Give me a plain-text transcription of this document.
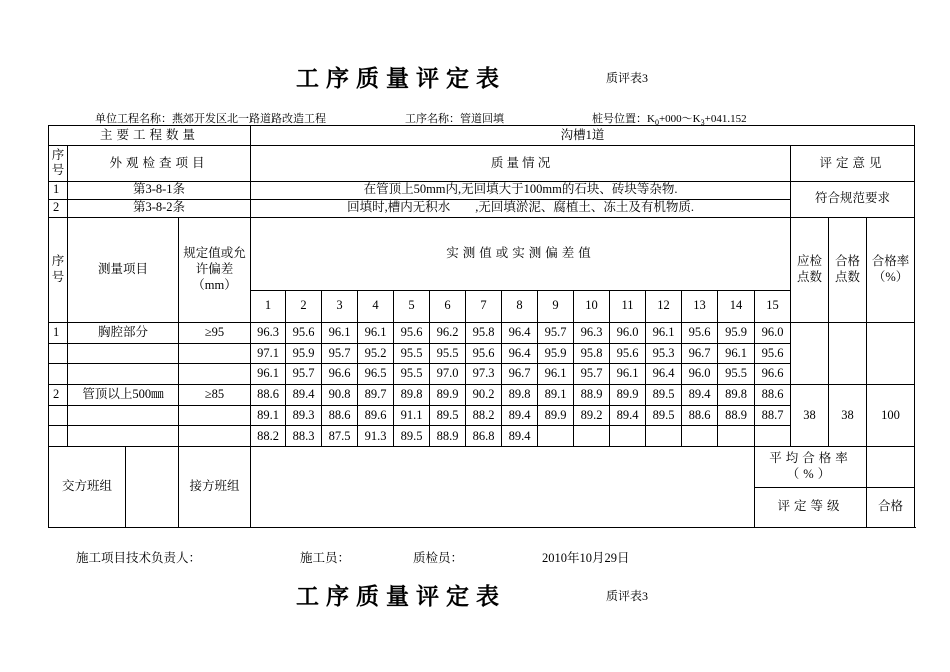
工序质量评定表	质评表3
单位工程名称：燕郊开发区北一路道路改造工程	工序名称：管道回填	桩号位置：$K_0+000\sim K_3+041.152$
主要工程数量				沟槽1道																	
序号	外观检查项目			质 量 情 况															评定意见		
1	第3-8-1条			在管顶上50mm内,无回填大于100mm的石块、砖块等杂物.															符合规范要求		
2	第3-8-2条			回填时,槽内无积水　　,无回填淤泥、腐植土、冻土及有机物质.																	
序号	测量项目		规定值或允许偏差（mm）	实测值或实测偏差值															应检点数	合格点数	合格率（%）
				1	2	3	4	5	6	7	8	9	10	11	12	13	14	15			
1	胸腔部分		≥95	96.3	95.6	96.1	96.1	95.6	96.2	95.8	96.4	95.7	96.3	96.0	96.1	95.6	95.9	96.0			
				97.1	95.9	95.7	95.2	95.5	95.5	95.6	96.4	95.9	95.8	95.6	95.3	96.7	96.1	95.6			
				96.1	95.7	96.6	96.5	95.5	97.0	97.3	96.7	96.1	95.7	96.1	96.4	96.0	95.5	96.6			
2	管顶以上500㎜		≥85	88.6	89.4	90.8	89.7	89.8	89.9	90.2	89.8	89.1	88.9	89.9	89.5	89.4	89.8	88.6	38	38	100
				89.1	89.3	88.6	89.6	91.1	89.5	88.2	89.4	89.9	89.2	89.4	89.5	88.6	88.9	88.7			
				88.2	88.3	87.5	91.3	89.5	88.9	86.8	89.4										
交方班组			接方班组															平均合格率（%）			
																		评定等级			合格
施工项目技术负责人：	施工员：	质检员：	2010年10月29日
工序质量评定表	质评表3
